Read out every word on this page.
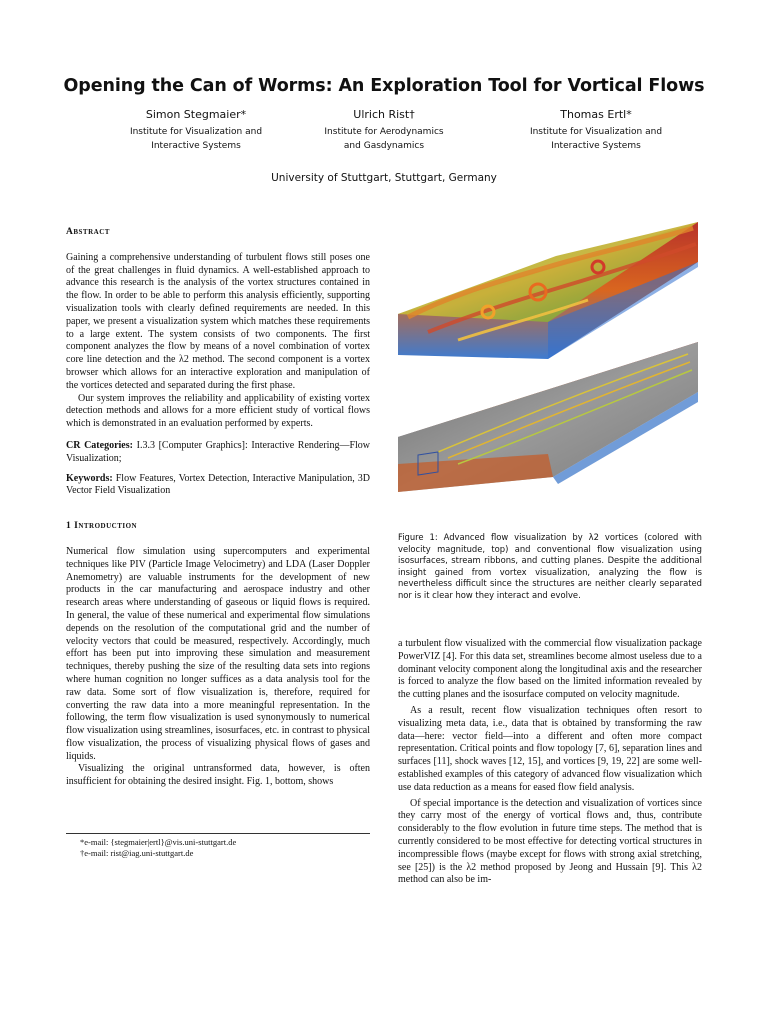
Opening the Can of Worms: An Exploration Tool for Vortical Flows
Simon Stegmaier*
Institute for Visualization and
Interactive Systems
Ulrich Rist†
Institute for Aerodynamics
and Gasdynamics
Thomas Ertl*
Institute for Visualization and
Interactive Systems
University of Stuttgart, Stuttgart, Germany

Abstract

Gaining a comprehensive understanding of turbulent flows still poses one of the great challenges in fluid dynamics. A well-established approach to advance this research is the analysis of the vortex structures contained in the flow. In order to be able to perform this analysis efficiently, supporting visualization tools with clearly defined requirements are needed. In this paper, we present a visualization system which matches these requirements to a large extent. The system consists of two components. The first component analyzes the flow by means of a novel combination of vortex core line detection and the λ2 method. The second component is a vortex browser which allows for an interactive exploration and manipulation of the vortices detected and separated during the first phase.

Our system improves the reliability and applicability of existing vortex detection methods and allows for a more efficient study of vortical flows which is demonstrated in an evaluation performed by experts.

CR Categories: I.3.3 [Computer Graphics]: Interactive Rendering—Flow Visualization;

Keywords: Flow Features, Vortex Detection, Interactive Manipulation, 3D Vector Field Visualization

1 Introduction

Numerical flow simulation using supercomputers and experimental techniques like PIV (Particle Image Velocimetry) and LDA (Laser Doppler Anemometry) are valuable instruments for the development of new products in the car manufacturing and aerospace industry and other research areas where understanding of gaseous or liquid flows is required. In general, the value of these numerical and experimental flow simulations depends on the resolution of the computational grid and the number of velocity vectors that could be measured, respectively. Accordingly, much effort has been put into improving these simulation and measurement techniques, thereby pushing the size of the resulting data sets into regions where human cognition no longer suffices as a data analysis tool for the raw data. Some sort of flow visualization is, therefore, required for converting the raw data into a more meaningful representation. In the following, the term flow visualization is used synonymously to numerical flow visualization using streamlines, isosurfaces, etc. in contrast to physical flow visualization, the process of visualizing physical flows of gases and liquids.

Visualizing the original untransformed data, however, is often insufficient for obtaining the desired insight. Fig. 1, bottom, shows

*e-mail: {stegmaier|ertl}@vis.uni-stuttgart.de
†e-mail: rist@iag.uni-stuttgart.de
Figure 1: Advanced flow visualization by λ2 vortices (colored with velocity magnitude, top) and conventional flow visualization using isosurfaces, stream ribbons, and cutting planes. Despite the additional insight gained from vortex visualization, analyzing the flow is nevertheless difficult since the structures are neither clearly separated nor is it clear how they interact and evolve.

a turbulent flow visualized with the commercial flow visualization package PowerVIZ [4]. For this data set, streamlines become almost useless due to a dominant velocity component along the longitudinal axis and the researcher is forced to analyze the flow based on the limited information revealed by the cutting planes and the isosurface computed on velocity magnitude.

As a result, recent flow visualization techniques often resort to visualizing meta data, i.e., data that is obtained by transforming the raw data—here: vector field—into a different and often more compact representation. Critical points and flow topology [7, 6], separation lines and surfaces [11], shock waves [12, 15], and vortices [9, 19, 22] are some well-established examples of this category of advanced flow visualization which use data reduction as a means for eased flow field analysis.

Of special importance is the detection and visualization of vortices since they carry most of the energy of vortical flows and, thus, contribute considerably to the flow evolution in future time steps. The method that is currently considered to be most effective for detecting vortical structures in incompressible flows (maybe except for flows with strong axial stretching, see [25]) is the λ2 method proposed by Jeong and Hussain [9]. This λ2 method can also be im-
